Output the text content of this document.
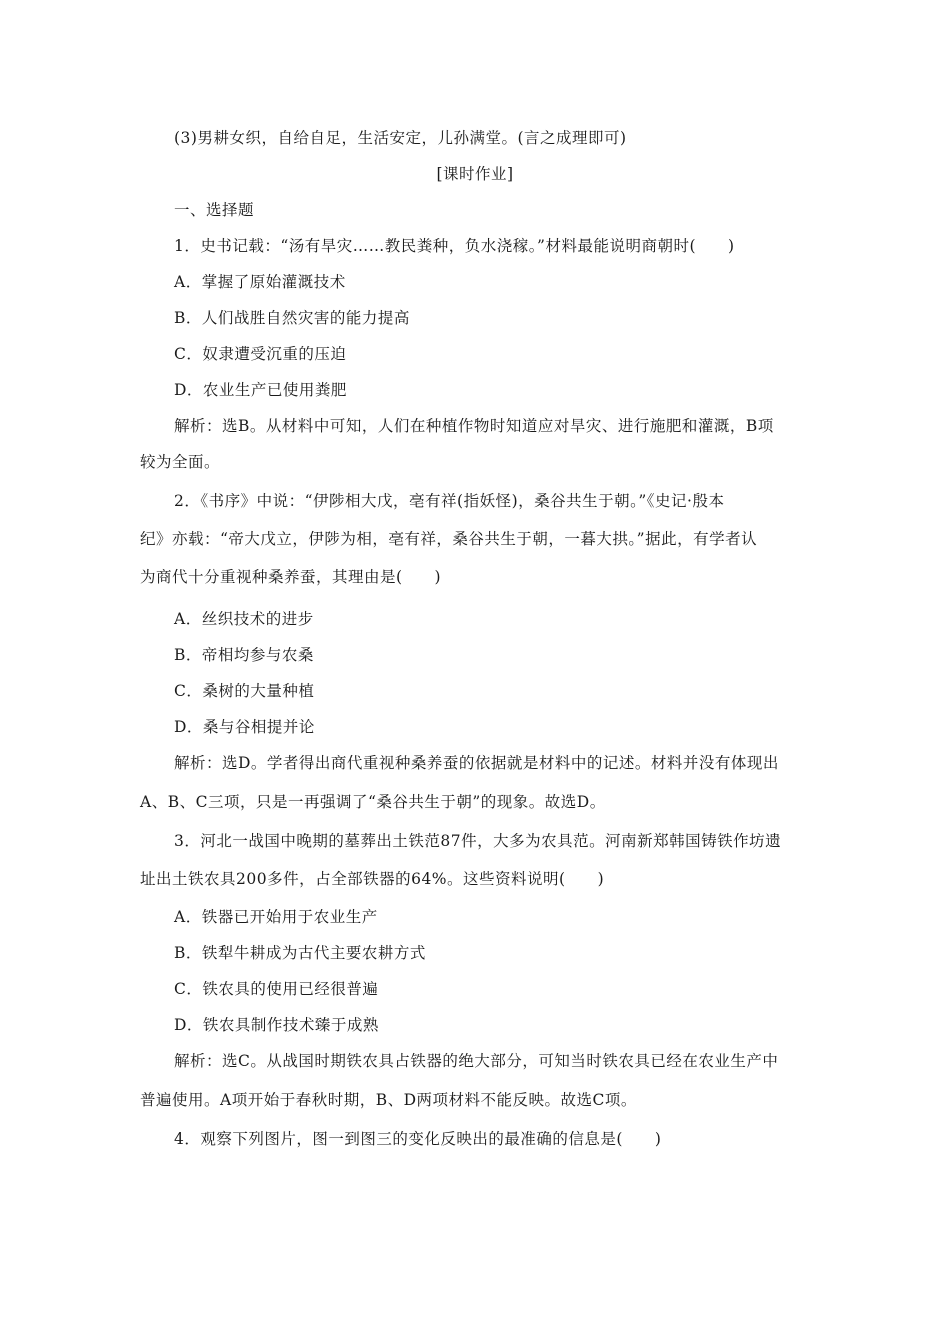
(3)男耕女织，自给自足，生活安定，儿孙满堂。(言之成理即可)
[课时作业]
一、选择题
1．史书记载：“汤有旱灾……教民粪种，负水浇稼。”材料最能说明商朝时(　　)
A．掌握了原始灌溉技术
B．人们战胜自然灾害的能力提高
C．奴隶遭受沉重的压迫
D．农业生产已使用粪肥
解析：选B。从材料中可知，人们在种植作物时知道应对旱灾、进行施肥和灌溉，B项
较为全面。
2．《书序》中说：“伊陟相大戊，亳有祥(指妖怪)，桑谷共生于朝。”《史记·殷本
纪》亦载：“帝大戊立，伊陟为相，亳有祥，桑谷共生于朝，一暮大拱。”据此，有学者认
为商代十分重视种桑养蚕，其理由是(　　)
A．丝织技术的进步
B．帝相均参与农桑
C．桑树的大量种植
D．桑与谷相提并论
解析：选D。学者得出商代重视种桑养蚕的依据就是材料中的记述。材料并没有体现出
A、B、C三项，只是一再强调了“桑谷共生于朝”的现象。故选D。
3．河北一战国中晚期的墓葬出土铁范87件，大多为农具范。河南新郑韩国铸铁作坊遗
址出土铁农具200多件，占全部铁器的64%。这些资料说明(　　)
A．铁器已开始用于农业生产
B．铁犁牛耕成为古代主要农耕方式
C．铁农具的使用已经很普遍
D．铁农具制作技术臻于成熟
解析：选C。从战国时期铁农具占铁器的绝大部分，可知当时铁农具已经在农业生产中
普遍使用。A项开始于春秋时期，B、D两项材料不能反映。故选C项。
4．观察下列图片，图一到图三的变化反映出的最准确的信息是(　　)
